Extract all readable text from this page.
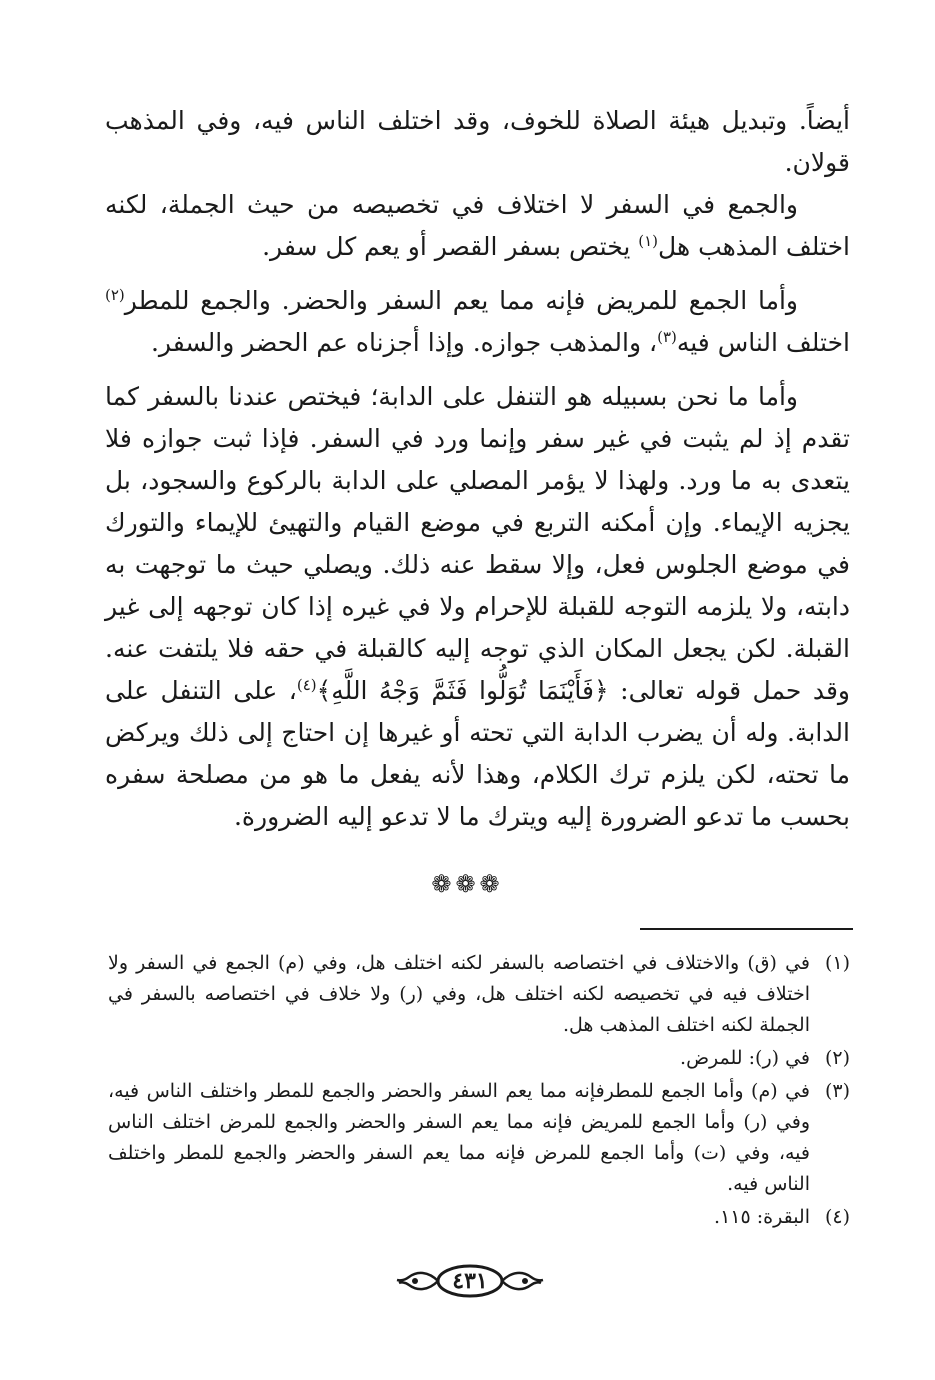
أيضاً. وتبديل هيئة الصلاة للخوف، وقد اختلف الناس فيه، وفي المذهب قولان.

والجمع في السفر لا اختلاف في تخصيصه من حيث الجملة، لكنه اختلف المذهب هل$^{(١)}$ يختص بسفر القصر أو يعم كل سفر.

وأما الجمع للمريض فإنه مما يعم السفر والحضر. والجمع للمطر$^{(٢)}$ اختلف الناس فيه$^{(٣)}$، والمذهب جوازه. وإذا أجزناه عم الحضر والسفر.

وأما ما نحن بسبيله هو التنفل على الدابة؛ فيختص عندنا بالسفر كما تقدم إذ لم يثبت في غير سفر وإنما ورد في السفر. فإذا ثبت جوازه فلا يتعدى به ما ورد. ولهذا لا يؤمر المصلي على الدابة بالركوع والسجود، بل يجزيه الإيماء. وإن أمكنه التربع في موضع القيام والتهيئ للإيماء والتورك في موضع الجلوس فعل، وإلا سقط عنه ذلك. ويصلي حيث ما توجهت به دابته، ولا يلزمه التوجه للقبلة للإحرام ولا في غيره إذا كان توجهه إلى غير القبلة. لكن يجعل المكان الذي توجه إليه كالقبلة في حقه فلا يلتفت عنه. وقد حمل قوله تعالى: ﴿فَأَيْنَمَا تُوَلُّوا فَثَمَّ وَجْهُ اللَّهِ﴾$^{(٤)}$، على التنفل على الدابة. وله أن يضرب الدابة التي تحته أو غيرها إن احتاج إلى ذلك ويركض ما تحته، لكن يلزم ترك الكلام، وهذا لأنه يفعل ما هو من مصلحة سفره بحسب ما تدعو الضرورة إليه ويترك ما لا تدعو إليه الضرورة.

❁❁❁
(١)
في (ق) والاختلاف في اختصاصه بالسفر لكنه اختلف هل، وفي (م) الجمع في السفر ولا اختلاف فيه في تخصيصه لكنه اختلف هل، وفي (ر) ولا خلاف في اختصاصه بالسفر في الجملة لكنه اختلف المذهب هل.
(٢)
في (ر): للمرض.
(٣)
في (م) وأما الجمع للمطرفإنه مما يعم السفر والحضر والجمع للمطر واختلف الناس فيه، وفي (ر) وأما الجمع للمريض فإنه مما يعم السفر والحضر والجمع للمرض اختلف الناس فيه، وفي (ت) وأما الجمع للمرض فإنه مما يعم السفر والحضر والجمع للمطر واختلف الناس فيه.
(٤)
البقرة: ١١٥.
٤٣١
